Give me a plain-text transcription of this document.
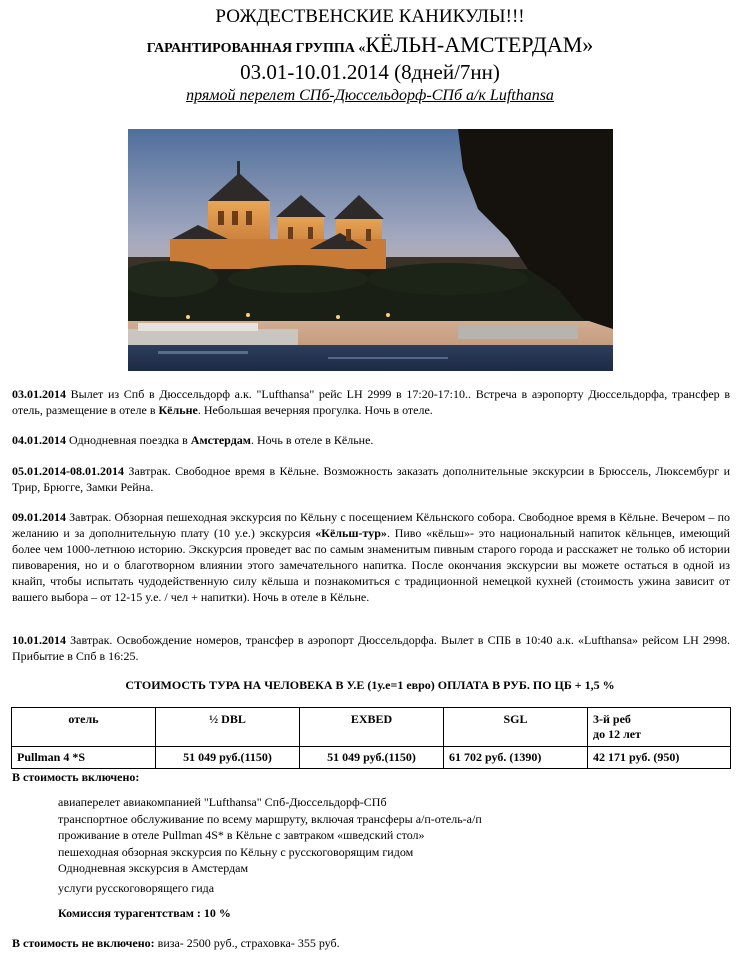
РОЖДЕСТВЕНСКИЕ КАНИКУЛЫ!!!
ГАРАНТИРОВАННАЯ ГРУППА «КЁЛЬН-АМСТЕРДАМ»
03.01-10.01.2014 (8дней/7нн)
прямой перелет СПб-Дюссельдорф-СПб а/к Lufthansa
03.01.2014 Вылет из Спб в Дюссельдорф а.к. "Lufthansa" рейс LH 2999 в 17:20-17:10.. Встреча в аэропорту Дюссельдорфа, трансфер в отель, размещение в отеле в Кёльне. Небольшая вечерняя прогулка. Ночь в отеле.
04.01.2014 Однодневная поездка в Амстердам. Ночь в отеле в Кёльне.
05.01.2014-08.01.2014 Завтрак. Свободное время в Кёльне. Возможность заказать дополнительные экскурсии в Брюссель, Люксембург и Трир, Брюгге, Замки Рейна.
09.01.2014 Завтрак. Обзорная пешеходная экскурсия по Кёльну с посещением Кёльнского собора. Свободное время в Кёльне. Вечером – по желанию и за дополнительную плату (10 у.е.) экскурсия «Кёльш-тур». Пиво «кёльш»- это национальный напиток кёльнцев, имеющий более чем 1000-летнюю историю. Экскурсия проведет вас по самым знаменитым пивным старого города и расскажет не только об истории пивоварения, но и о благотворном влиянии этого замечательного напитка. После окончания экскурсии вы можете остаться в одной из кнайп, чтобы испытать чудодейственную силу кёльша и познакомиться с традиционной немецкой кухней (стоимость ужина зависит от вашего выбора – от 12-15 у.е. / чел + напитки). Ночь в отеле в Кёльне.
10.01.2014 Завтрак. Освобождение номеров, трансфер в аэропорт Дюссельдорфа. Вылет в СПБ в 10:40 а.к. «Lufthansa» рейсом LH 2998. Прибытие в Спб в 16:25.
СТОИМОСТЬ ТУРА НА ЧЕЛОВЕКА В У.Е (1у.е=1 евро) ОПЛАТА В РУБ. ПО ЦБ + 1,5 %
отель	½ DBL	EXBED	SGL	3-й реб
до 12 лет
Pullman 4 *S	51 049 руб.(1150)	51 049 руб.(1150)	61 702 руб. (1390)	42 171 руб. (950)
В стоимость включено:
авиаперелет авиакомпанией "Lufthansa" Спб-Дюссельдорф-СПб
транспортное обслуживание по всему маршруту, включая трансферы а/п-отель-а/п
проживание в отеле Pullman 4S* в Кёльне с завтраком «шведский стол»
пешеходная обзорная экскурсия по Кёльну с русскоговорящим гидом
Однодневная экскурсия в Амстердам
услуги русскоговорящего гида
Комиссия турагентствам : 10 %
В стоимость не включено: виза- 2500 руб., страховка- 355 руб.
